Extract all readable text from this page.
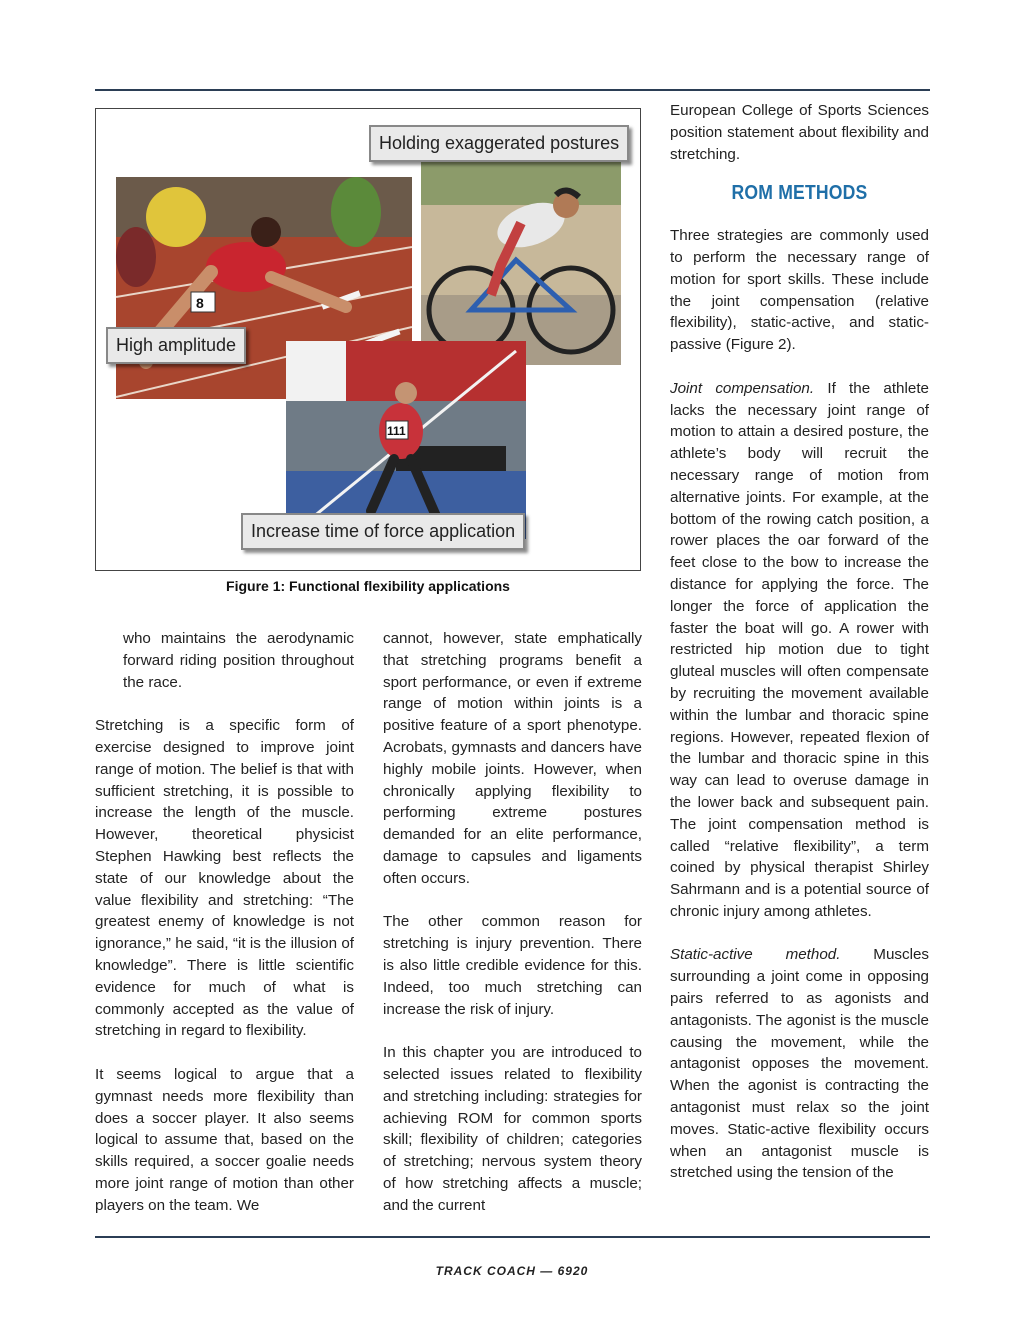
8
111
Holding exaggerated postures
High amplitude
Increase time of force application
Figure 1: Functional flexibility applications

who maintains the aerodynamic forward riding position throughout the race.

Stretching is a specific form of exercise designed to improve joint range of motion. The belief is that with sufficient stretching, it is possible to increase the length of the muscle. However, theoretical physicist Stephen Hawking best reflects the state of our knowledge about the value flexibility and stretching: “The greatest enemy of knowledge is not ignorance,” he said, “it is the illusion of knowledge”. There is little scientific evidence for much of what is commonly accepted as the value of stretching in regard to flexibility.

It seems logical to argue that a gymnast needs more flexibility than does a soccer player. It also seems logical to assume that, based on the skills required, a soccer goalie needs more joint range of motion than other players on the team. We

cannot, however, state emphatically that stretching programs benefit a sport performance, or even if extreme range of motion within joints is a positive feature of a sport phenotype. Acrobats, gymnasts and dancers have highly mobile joints. However, when chronically applying flexibility to performing extreme postures demanded for an elite performance, damage to capsules and ligaments often occurs.

The other common reason for stretching is injury prevention. There is also little credible evidence for this. Indeed, too much stretching can increase the risk of injury.

In this chapter you are introduced to selected issues related to flexibility and stretching including: strategies for achieving ROM for common sports skill; flexibility of children; categories of stretching; nervous system theory of how stretching affects a muscle; and the current

European College of Sports Sciences position statement about flexibility and stretching.

ROM METHODS

Three strategies are commonly used to perform the necessary range of motion for sport skills. These include the joint compensation (relative flexibility), static-active, and static-passive (Figure 2).

Joint compensation. If the athlete lacks the necessary joint range of motion to attain a desired posture, the athlete’s body will recruit the necessary range of motion from alternative joints. For example, at the bottom of the rowing catch position, a rower places the oar forward of the feet close to the bow to increase the distance for applying the force. The longer the force of application the faster the boat will go. A rower with restricted hip motion due to tight gluteal muscles will often compensate by recruiting the movement available within the lumbar and thoracic spine regions. However, repeated flexion of the lumbar and thoracic spine in this way can lead to overuse damage in the lower back and subsequent pain. The joint compensation method is called “relative flexibility”, a term coined by physical therapist Shirley Sahrmann and is a potential source of chronic injury among athletes.

Static-active method. Muscles surrounding a joint come in opposing pairs referred to as agonists and antagonists. The agonist is the muscle causing the movement, while the antagonist opposes the movement. When the agonist is contracting the antagonist must relax so the joint moves. Static-active flexibility occurs when an antagonist muscle is stretched using the tension of the

TRACK COACH — 6920
